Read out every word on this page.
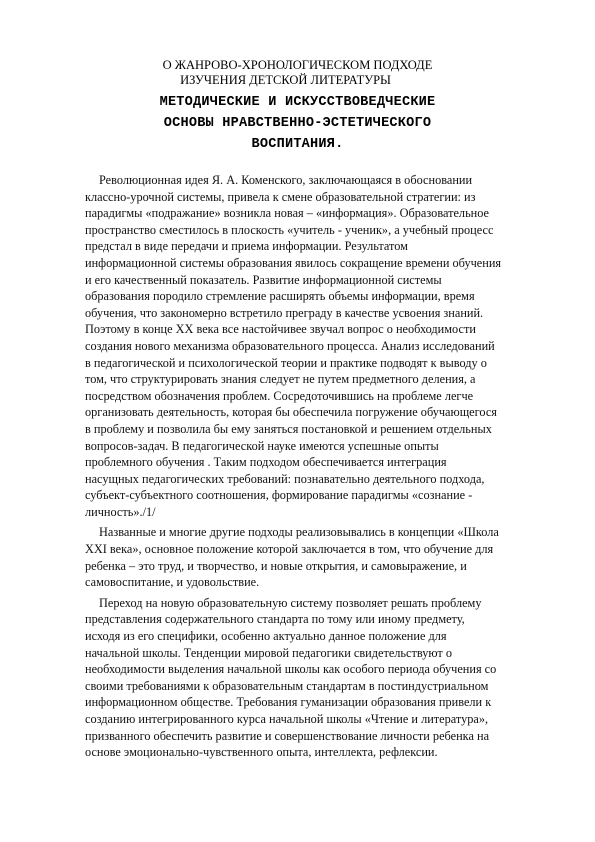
О ЖАНРОВО-ХРОНОЛОГИЧЕСКОМ ПОДХОДЕ
ИЗУЧЕНИЯ ДЕТСКОЙ ЛИТЕРАТУРЫ
МЕТОДИЧЕСКИЕ И ИСКУССТВОВЕДЧЕСКИЕ
ОСНОВЫ НРАВСТВЕННО-ЭСТЕТИЧЕСКОГО
ВОСПИТАНИЯ.
Революционная идея Я. А. Коменского, заключающаяся в обосновании
классно-урочной системы, привела к смене образовательной стратегии: из
парадигмы «подражание» возникла новая – «информация». Образовательное
пространство сместилось в плоскость «учитель - ученик», а учебный процесс
предстал в виде передачи и приема информации. Результатом
информационной системы образования явилось сокращение времени обучения
и его качественный показатель. Развитие информационной системы
образования породило стремление расширять объемы информации, время
обучения, что закономерно встретило преграду в качестве усвоения знаний.
Поэтому в конце XX века все настойчивее звучал вопрос о необходимости
создания нового механизма образовательного процесса. Анализ исследований
в педагогической и психологической теории и практике подводят к выводу о
том, что структурировать знания следует не путем предметного деления, а
посредством обозначения проблем. Сосредоточившись на проблеме легче
организовать деятельность, которая бы обеспечила погружение обучающегося
в проблему и позволила бы ему заняться постановкой и решением отдельных
вопросов-задач. В педагогической науке имеются успешные опыты
проблемного обучения . Таким подходом обеспечивается интеграция
насущных педагогических требований: познавательно деятельного подхода,
субъект-субъектного соотношения, формирование парадигмы «сознание -
личность»./1/
Названные и многие другие подходы реализовывались в концепции «Школа
XXI века», основное положение которой заключается в том, что обучение для
ребенка – это труд, и творчество, и новые открытия, и самовыражение, и
самовоспитание, и удовольствие.
Переход на новую образовательную систему позволяет решать проблему
представления содержательного стандарта по тому или иному предмету,
исходя из его специфики, особенно актуально данное положение для
начальной школы. Тенденции мировой педагогики свидетельствуют о
необходимости выделения начальной школы как особого периода обучения со
своими требованиями к образовательным стандартам в постиндустриальном
информационном обществе. Требования гуманизации образования привели к
созданию интегрированного курса начальной школы «Чтение и литература»,
призванного обеспечить развитие и совершенствование личности ребенка на
основе эмоционально-чувственного опыта, интеллекта, рефлексии.
